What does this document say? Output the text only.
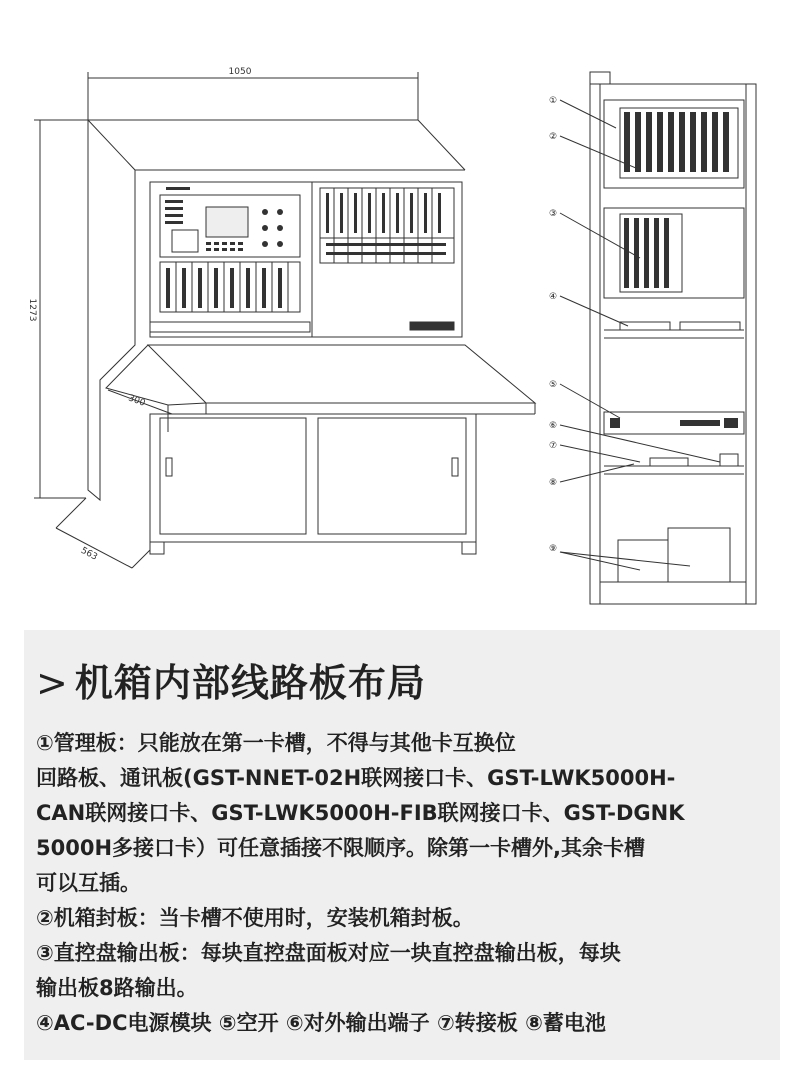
1050
1273
300
563
①
②
③
④
⑤
⑥
⑦
⑧
⑨
> 机箱内部线路板布局

①管理板：只能放在第一卡槽，不得与其他卡互换位

回路板、通讯板(GST-NNET-02H联网接口卡、GST-LWK5000H-

CAN联网接口卡、GST-LWK5000H-FIB联网接口卡、GST-DGNK

5000H多接口卡）可任意插接不限顺序。除第一卡槽外,其余卡槽

可以互插。

②机箱封板：当卡槽不使用时，安装机箱封板。

③直控盘输出板：每块直控盘面板对应一块直控盘输出板，每块

输出板8路输出。

④AC-DC电源模块 ⑤空开 ⑥对外输出端子 ⑦转接板 ⑧蓄电池
